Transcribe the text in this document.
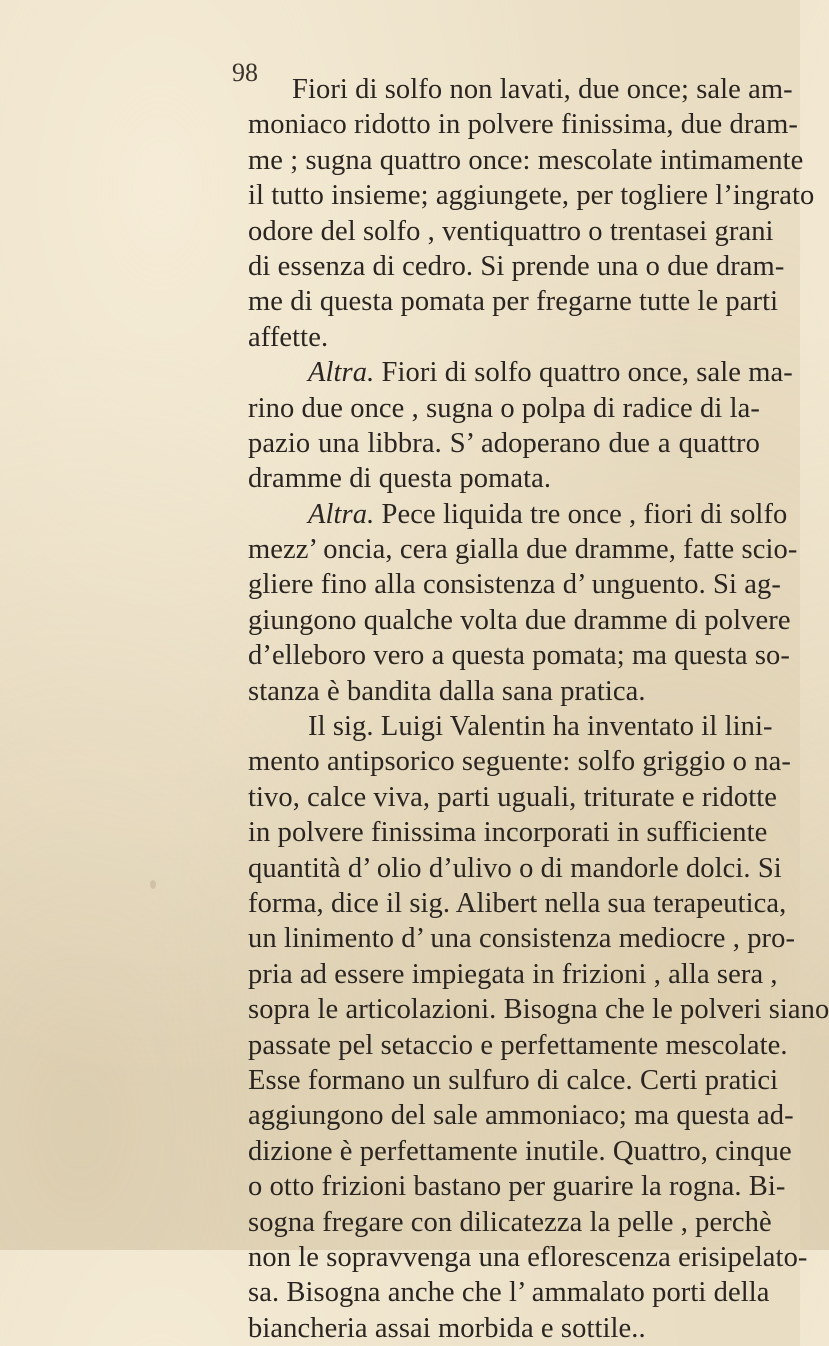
98
Fiori di solfo non lavati, due once; sale am-
moniaco ridotto in polvere finissima, due dram-
me ; sugna quattro once: mescolate intimamente
il tutto insieme; aggiungete, per togliere l’ingrato
odore del solfo , ventiquattro o trentasei grani
di essenza di cedro. Si prende una o due dram-
me di questa pomata per fregarne tutte le parti
affette.
Altra. Fiori di solfo quattro once, sale ma-
rino due once , sugna o polpa di radice di la-
pazio una libbra. S’ adoperano due a quattro
dramme di questa pomata.
Altra. Pece liquida tre once , fiori di solfo
mezz’ oncia, cera gialla due dramme, fatte scio-
gliere fino alla consistenza d’ unguento. Si ag-
giungono qualche volta due dramme di polvere
d’elleboro vero a questa pomata; ma questa so-
stanza è bandita dalla sana pratica.
Il sig. Luigi Valentin ha inventato il lini-
mento antipsorico seguente: solfo griggio o na-
tivo, calce viva, parti uguali, triturate e ridotte
in polvere finissima incorporati in sufficiente
quantità d’ olio d’ulivo o di mandorle dolci. Si
forma, dice il sig. Alibert nella sua terapeutica,
un linimento d’ una consistenza mediocre , pro-
pria ad essere impiegata in frizioni , alla sera ,
sopra le articolazioni. Bisogna che le polveri siano
passate pel setaccio e perfettamente mescolate.
Esse formano un sulfuro di calce. Certi pratici
aggiungono del sale ammoniaco; ma questa ad-
dizione è perfettamente inutile. Quattro, cinque
o otto frizioni bastano per guarire la rogna. Bi-
sogna fregare con dilicatezza la pelle , perchè
non le sopravvenga una eflorescenza erisipelato-
sa. Bisogna anche che l’ ammalato porti della
biancheria assai morbida e sottile..
